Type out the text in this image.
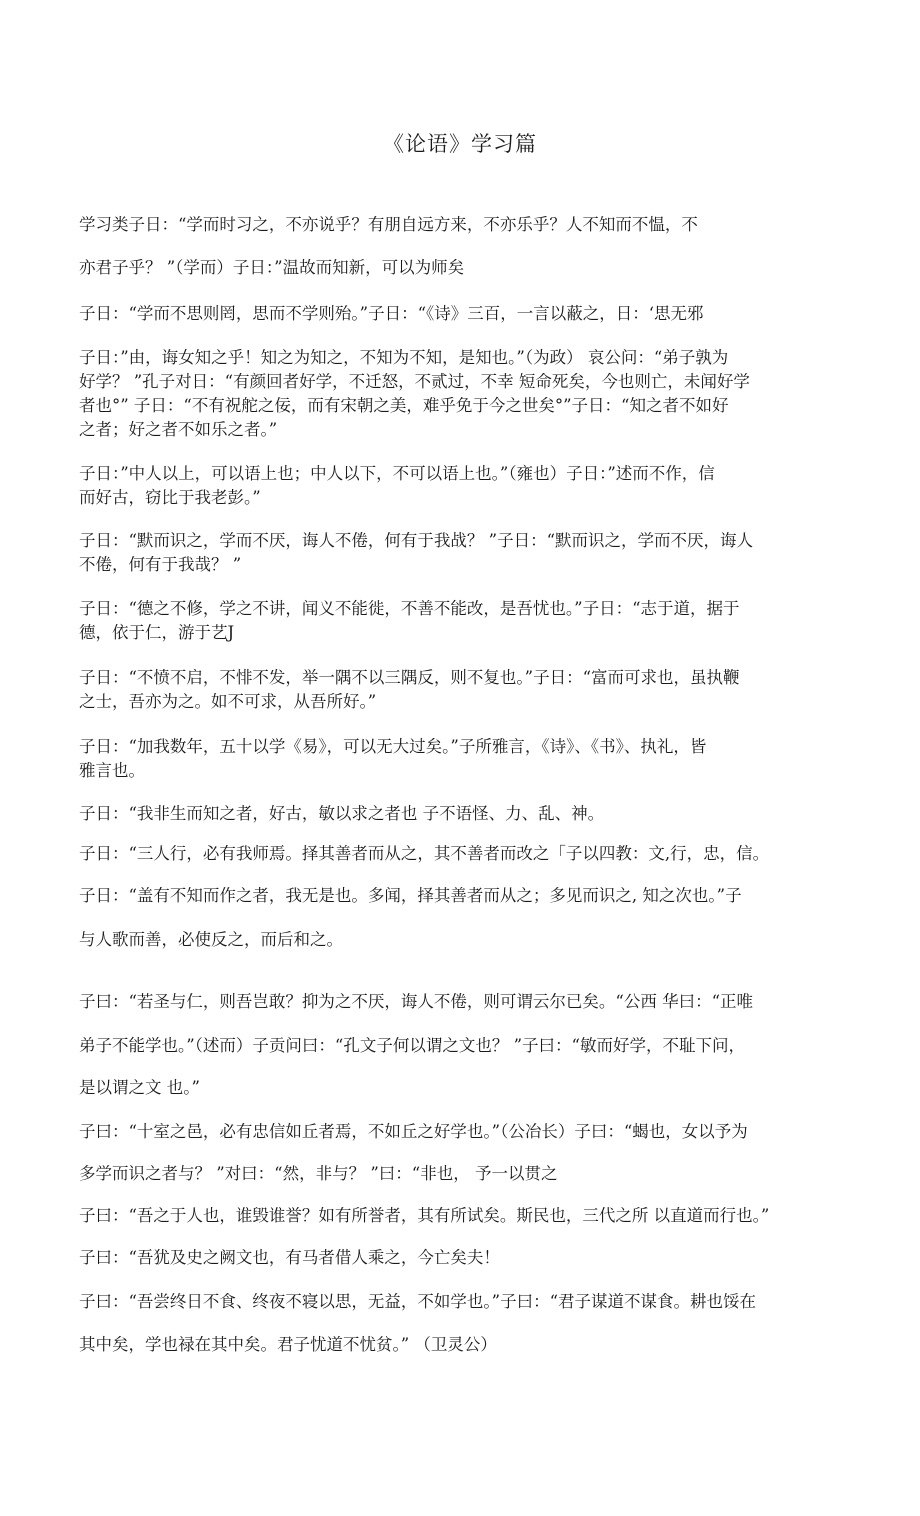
《论语》学习篇
学习类子日：“学而时习之，不亦说乎？有朋自远方来，不亦乐乎？人不知而不愠，不
亦君子乎？ ”（学而）子日：”温故而知新，可以为师矣
子日：“学而不思则罔，思而不学则殆。”子日：“《诗》三百，一言以蔽之，日：‘思无邪
子日：”由，诲女知之乎！知之为知之，不知为不知，是知也。”（为政） 哀公问：“弟子孰为
好学？ ”孔子对日：“有颜回者好学，不迁怒，不贰过，不幸 短命死矣，今也则亡，未闻好学
者也°” 子日：“不有祝舵之佞，而有宋朝之美，难乎免于今之世矣°”子日：“知之者不如好
之者；好之者不如乐之者。”
子日：”中人以上，可以语上也；中人以下，不可以语上也。”（雍也）子日：”述而不作，信
而好古，窃比于我老彭。”
子日：“默而识之，学而不厌，诲人不倦，何有于我战？ ”子日：“默而识之，学而不厌，诲人
不倦，何有于我哉？ ”
子日：“德之不修，学之不讲，闻义不能徙，不善不能改，是吾忧也。”子日：“志于道，据于
德，依于仁，游于艺J
子日：“不愤不启，不悱不发，举一隅不以三隅反，则不复也。”子日：“富而可求也，虽执鞭
之士，吾亦为之。如不可求，从吾所好。”
子日：“加我数年，五十以学《易》，可以无大过矣。”子所雅言，《诗》、《书》、执礼，皆
雅言也。
子日：“我非生而知之者，好古，敏以求之者也 子不语怪、力、乱、神。
子日：“三人行，必有我师焉。择其善者而从之，其不善者而改之「子以四教：文,行，忠，信。
子日：“盖有不知而作之者，我无是也。多闻，择其善者而从之；多见而识之, 知之次也。”子
与人歌而善，必使反之，而后和之。
子曰：“若圣与仁，则吾岂敢？抑为之不厌，诲人不倦，则可谓云尔已矣。“公西 华曰：“正唯
弟子不能学也。”（述而）子贡问曰：“孔文子何以谓之文也？ ”子曰：“敏而好学，不耻下问，
是以谓之文 也。”
子曰：“十室之邑，必有忠信如丘者焉，不如丘之好学也。”（公冶长）子曰：“蝎也，女以予为
多学而识之者与？ ”对曰：“然，非与？ ”曰：“非也， 予一以贯之
子曰：“吾之于人也，谁毁谁誉？如有所誉者，其有所试矣。斯民也，三代之所 以直道而行也。”
子曰：“吾犹及史之阙文也，有马者借人乘之，今亡矣夫！
子曰：“吾尝终日不食、终夜不寝以思，无益，不如学也。”子曰：“君子谋道不谋食。耕也馁在
其中矣，学也禄在其中矣。君子忧道不忧贫。” （卫灵公）
